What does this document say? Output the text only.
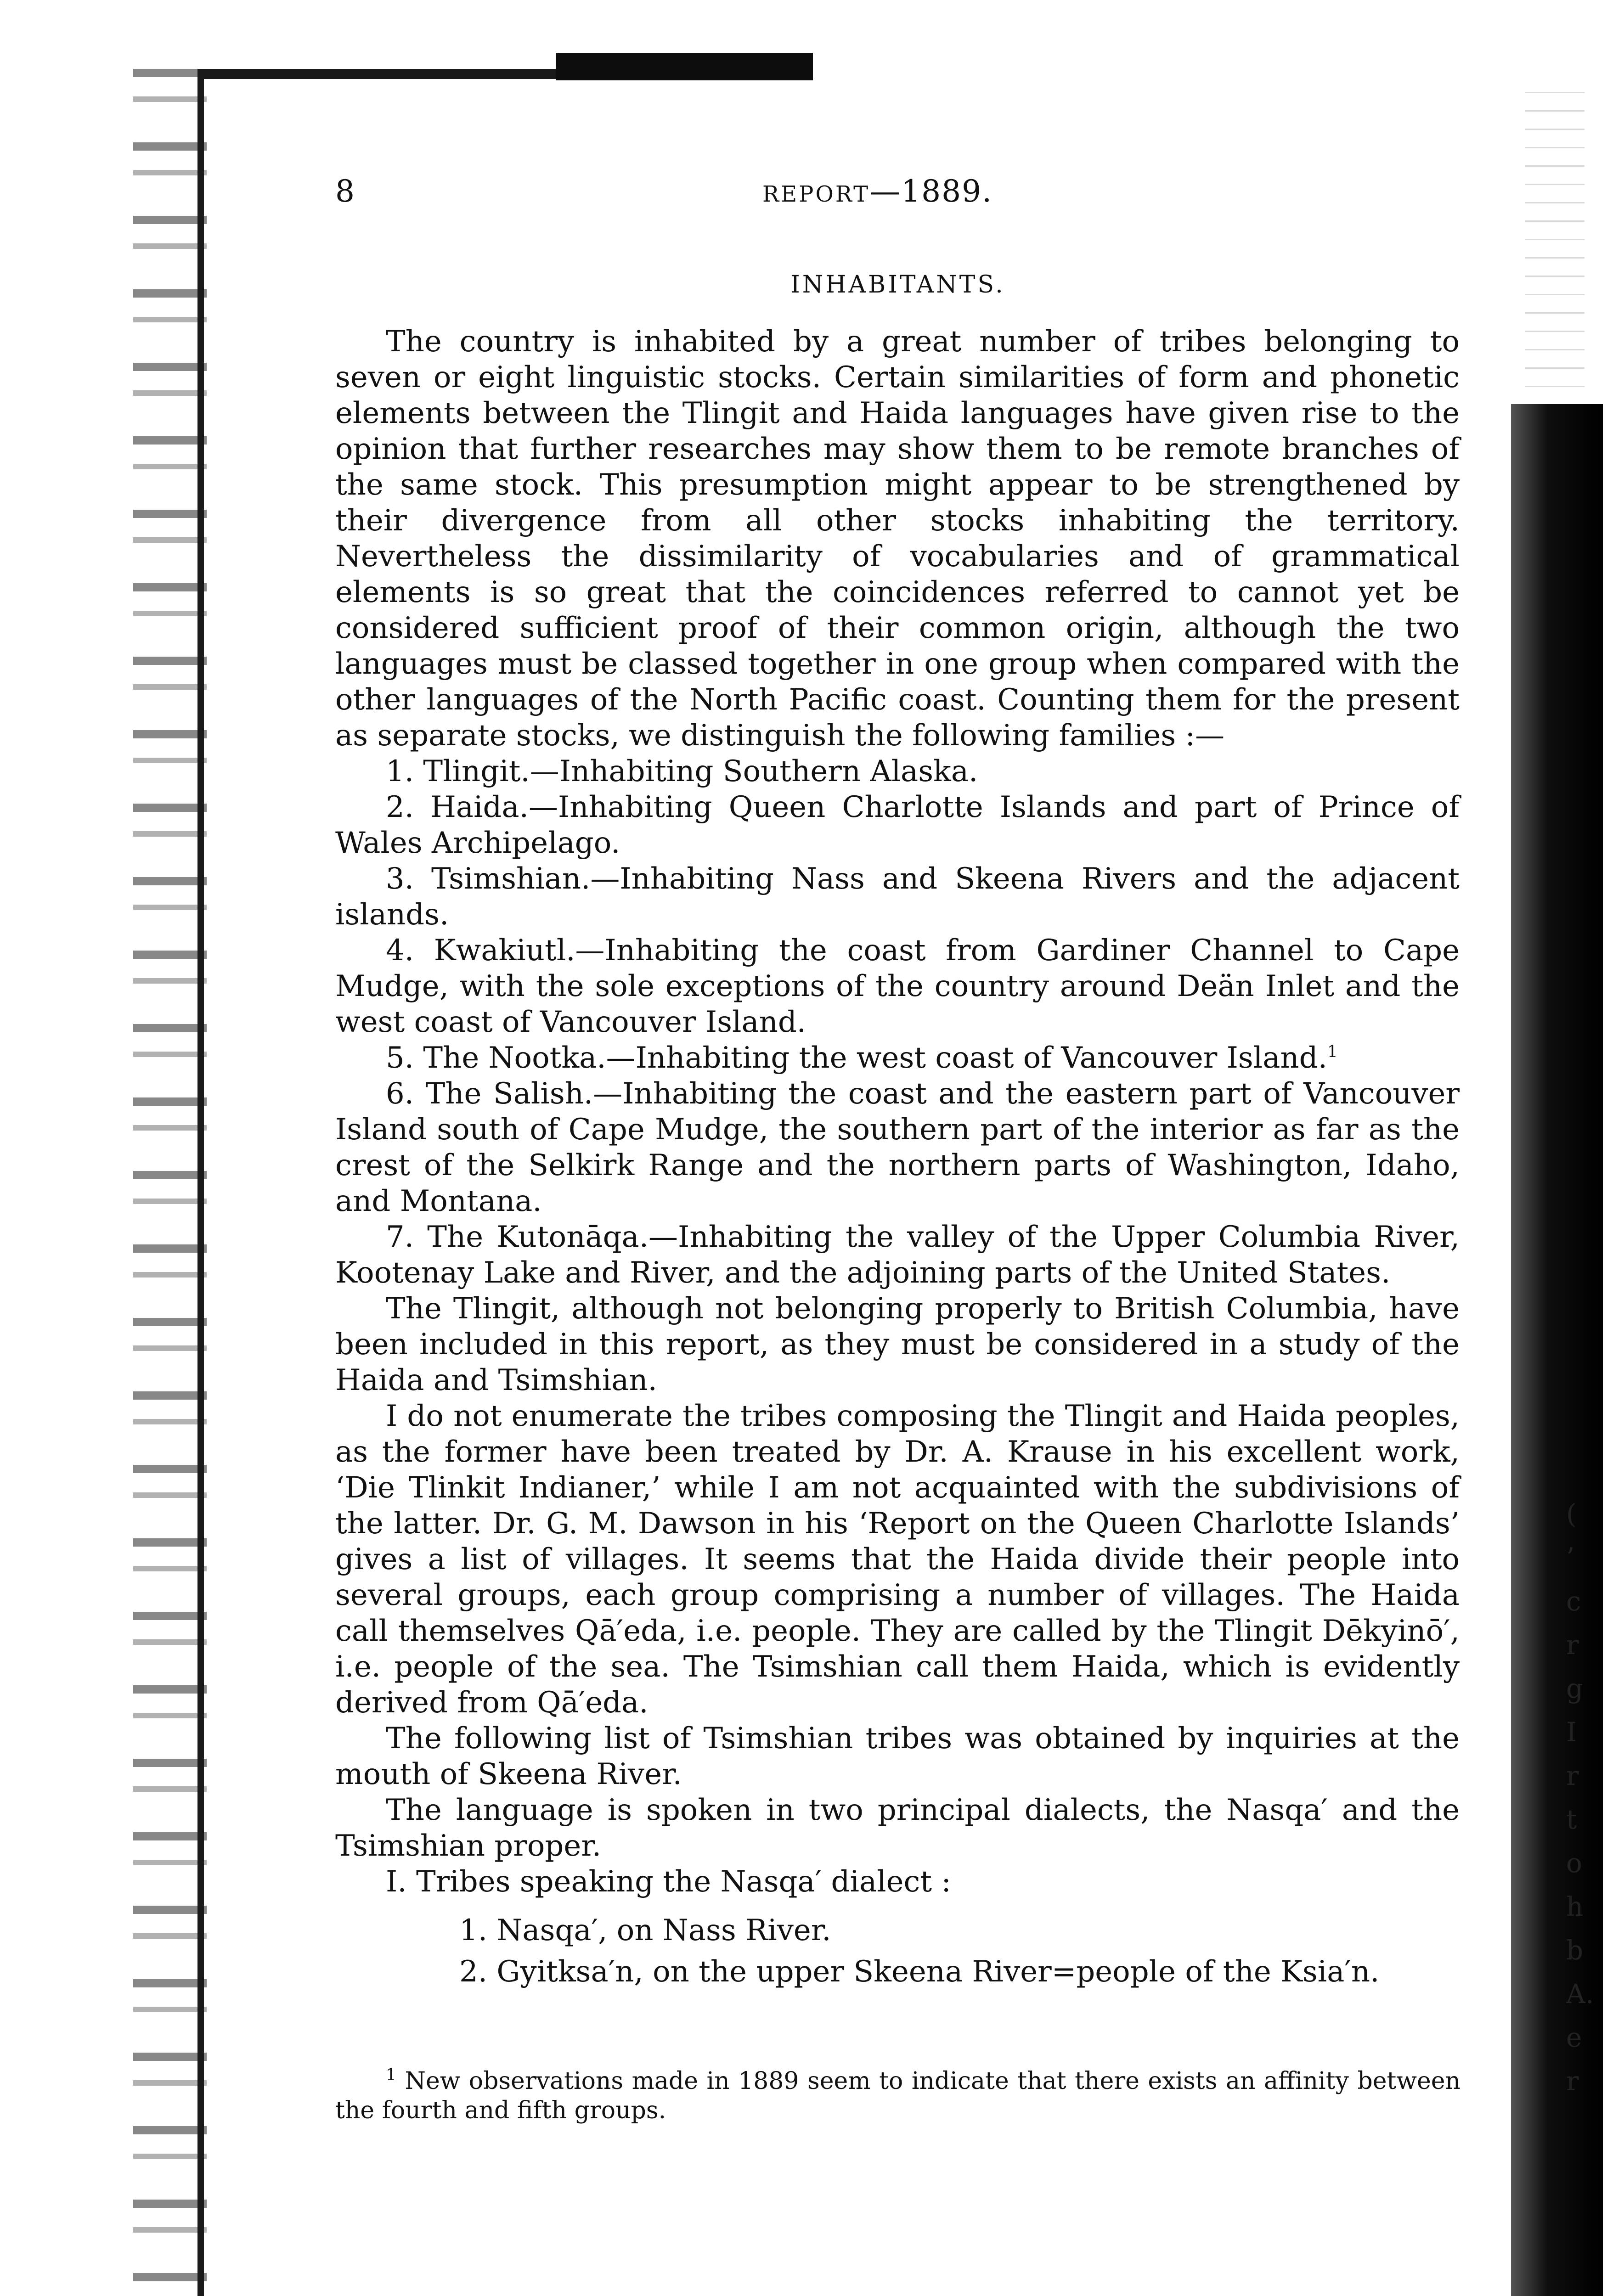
(
’
c
r
g
I
r
t
o
h
b
A.
e
r
8	REPORT—1889.
INHABITANTS.

The country is inhabited by a great number of tribes belonging to seven or eight linguistic stocks. Certain similarities of form and phonetic elements between the Tlingit and Haida languages have given rise to the opinion that further researches may show them to be remote branches of the same stock. This presumption might appear to be strengthened by their divergence from all other stocks inhabiting the territory. Nevertheless the dissimilarity of vocabularies and of grammatical elements is so great that the coincidences referred to cannot yet be considered sufficient proof of their common origin, although the two languages must be classed together in one group when compared with the other languages of the North Pacific coast. Counting them for the present as separate stocks, we distinguish the following families :—

1. Tlingit.—Inhabiting Southern Alaska.

2. Haida.—Inhabiting Queen Charlotte Islands and part of Prince of Wales Archipelago.

3. Tsimshian.—Inhabiting Nass and Skeena Rivers and the adjacent islands.

4. Kwakiutl.—Inhabiting the coast from Gardiner Channel to Cape Mudge, with the sole exceptions of the country around Deän Inlet and the west coast of Vancouver Island.

5. The Nootka.—Inhabiting the west coast of Vancouver Island.$^1$

6. The Salish.—Inhabiting the coast and the eastern part of Vancouver Island south of Cape Mudge, the southern part of the interior as far as the crest of the Selkirk Range and the northern parts of Washington, Idaho, and Montana.

7. The Kutonāqa.—Inhabiting the valley of the Upper Columbia River, Kootenay Lake and River, and the adjoining parts of the United States.

The Tlingit, although not belonging properly to British Columbia, have been included in this report, as they must be considered in a study of the Haida and Tsimshian.

I do not enumerate the tribes composing the Tlingit and Haida peoples, as the former have been treated by Dr. A. Krause in his excellent work, ‘Die Tlinkit Indianer,’ while I am not acquainted with the subdivisions of the latter. Dr. G. M. Dawson in his ‘Report on the Queen Charlotte Islands’ gives a list of villages. It seems that the Haida divide their people into several groups, each group comprising a number of villages. The Haida call themselves Qā′eda, i.e. people. They are called by the Tlingit Dēkyinō′, i.e. people of the sea. The Tsimshian call them Haida, which is evidently derived from Qā′eda.

The following list of Tsimshian tribes was obtained by inquiries at the mouth of Skeena River.

The language is spoken in two principal dialects, the Nasqa′ and the Tsimshian proper.

I. Tribes speaking the Nasqa′ dialect :

1. Nasqa′, on Nass River.
2. Gyitksa′n, on the upper Skeena River=people of the Ksia′n.
$^1$ New observations made in 1889 seem to indicate that there exists an affinity between the fourth and fifth groups.
